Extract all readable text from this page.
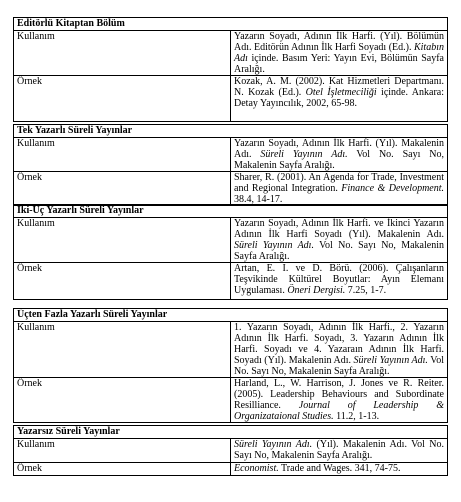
Editörlü Kitaptan Bölüm	
Kullanım	Yazarın Soyadı, Adının İlk Harfi. (Yıl). Bölümün Adı. Editörün Adının İlk Harfi Soyadı (Ed.). Kitabın Adı içinde. Basım Yeri: Yayın Evi, Bölümün Sayfa Aralığı.
Örnek	Kozak, A. M. (2002). Kat Hizmetleri Departmanı. N. Kozak (Ed.). Otel İşletmeciliği içinde. Ankara: Detay Yayıncılık, 2002, 65-98.
Tek Yazarlı Süreli Yayınlar	
Kullanım	Yazarın Soyadı, Adının İlk Harfi. (Yıl). Makalenin Adı. Süreli Yayının Adı. Vol No. Sayı No, Makalenin Sayfa Aralığı.
Örnek	Sharer, R. (2001). An Agenda for Trade, Investment and Regional Integration. Finance & Development. 38.4, 14-17.
İki-Üç Yazarlı Süreli Yayınlar	
Kullanım	Yazarın Soyadı, Adının İlk Harfi. ve İkinci Yazarın Adının İlk Harfi Soyadı (Yıl). Makalenin Adı. Süreli Yayının Adı. Vol No. Sayı No, Makalenin Sayfa Aralığı.
Örnek	Artan, E. I. ve D. Börü. (2006). Çalışanların Teşvikinde Kültürel Boyutlar: Ayın Elemanı Uygulaması. Öneri Dergisi. 7.25, 1-7.
Üçten Fazla Yazarlı Süreli Yayınlar	
Kullanım	1. Yazarın Soyadı, Adının İlk Harfi., 2. Yazarın Adının İlk Harfi. Soyadı, 3. Yazarın Adının İlk Harfi. Soyadı ve 4. Yazaraın Adının İlk Harfi. Soyadı (Yıl). Makalenin Adı. Süreli Yayının Adı. Vol No. Sayı No, Makalenin Sayfa Aralığı.
Örnek	Harland, L., W. Harrison, J. Jones ve R. Reiter. (2005). Leadership Behaviours and Subordinate Resilliance. Journal of Leadership & Organizataional Studies. 11.2, 1-13.
Yazarsız Süreli Yayınlar	
Kullanım	Süreli Yayının Adı. (Yıl). Makalenin Adı. Vol No. Sayı No, Makalenin Sayfa Aralığı.
Örnek	Economist. Trade and Wages. 341, 74-75.
